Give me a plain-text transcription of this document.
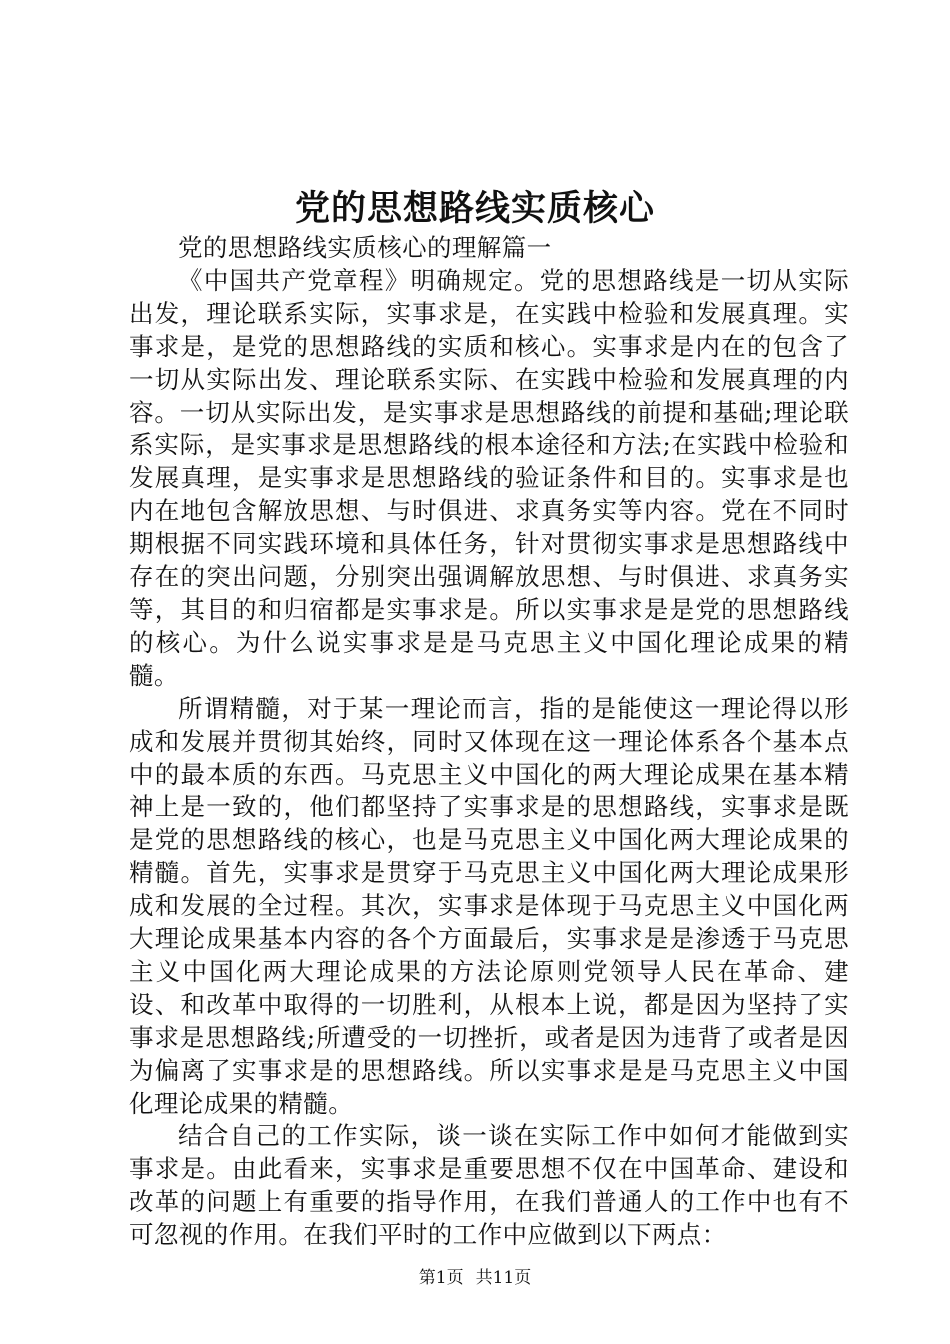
党的思想路线实质核心

党的思想路线实质核心的理解篇一

《中国共产党章程》明确规定。党的思想路线是一切从实际出发，理论联系实际，实事求是，在实践中检验和发展真理。实事求是，是党的思想路线的实质和核心。实事求是内在的包含了一切从实际出发、理论联系实际、在实践中检验和发展真理的内容。一切从实际出发，是实事求是思想路线的前提和基础;理论联系实际，是实事求是思想路线的根本途径和方法;在实践中检验和发展真理，是实事求是思想路线的验证条件和目的。实事求是也内在地包含解放思想、与时俱进、求真务实等内容。党在不同时期根据不同实践环境和具体任务，针对贯彻实事求是思想路线中存在的突出问题，分别突出强调解放思想、与时俱进、求真务实等，其目的和归宿都是实事求是。所以实事求是是党的思想路线的核心。为什么说实事求是是马克思主义中国化理论成果的精髓。

所谓精髓，对于某一理论而言，指的是能使这一理论得以形成和发展并贯彻其始终，同时又体现在这一理论体系各个基本点中的最本质的东西。马克思主义中国化的两大理论成果在基本精神上是一致的，他们都坚持了实事求是的思想路线，实事求是既是党的思想路线的核心，也是马克思主义中国化两大理论成果的精髓。首先，实事求是贯穿于马克思主义中国化两大理论成果形成和发展的全过程。其次，实事求是体现于马克思主义中国化两大理论成果基本内容的各个方面最后，实事求是是渗透于马克思主义中国化两大理论成果的方法论原则党领导人民在革命、建设、和改革中取得的一切胜利，从根本上说，都是因为坚持了实事求是思想路线;所遭受的一切挫折，或者是因为违背了或者是因为偏离了实事求是的思想路线。所以实事求是是马克思主义中国化理论成果的精髓。

结合自己的工作实际，谈一谈在实际工作中如何才能做到实事求是。由此看来，实事求是重要思想不仅在中国革命、建设和改革的问题上有重要的指导作用，在我们普通人的工作中也有不可忽视的作用。在我们平时的工作中应做到以下两点：

第1页 共11页
